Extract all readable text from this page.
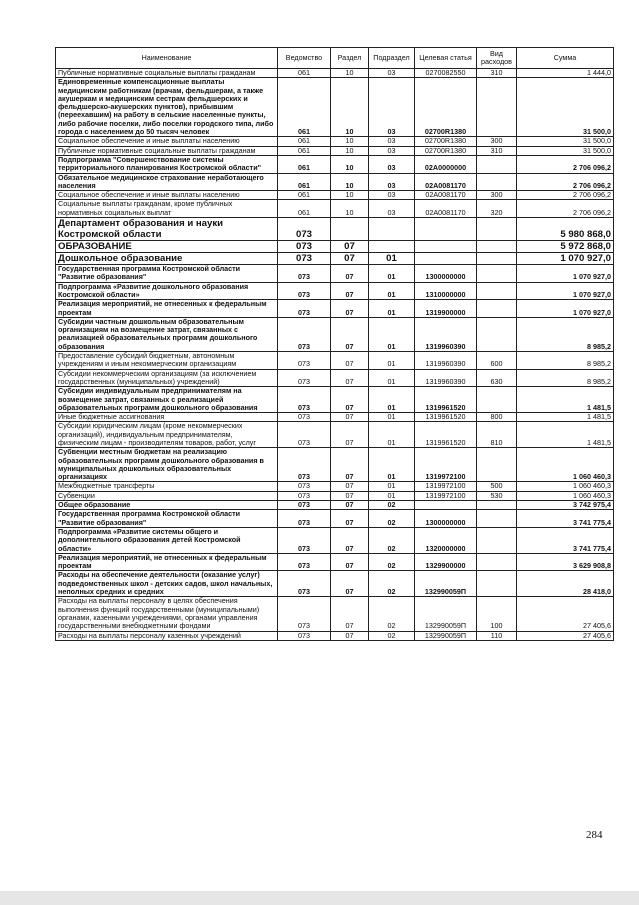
Наименование	Ведомство	Раздел	Подраздел	Целевая статья	Вид расходов	Сумма
Публичные нормативные социальные выплаты гражданам	061	10	03	0270082550	310	1 444,0
Единовременные компенсационные выплаты медицинским работникам (врачам, фельдшерам, а также акушеркам и медицинским сестрам фельдшерских и фельдшерско-акушерских пунктов), прибывшим (переехавшим) на работу в сельские населенные пункты, либо рабочие поселки, либо поселки городского типа, либо города с населением до 50 тысяч человек	061	10	03	02700R1380		31 500,0
Социальное обеспечение и иные выплаты населению	061	10	03	02700R1380	300	31 500,0
Публичные нормативные социальные выплаты гражданам	061	10	03	02700R1380	310	31 500,0
Подпрограмма "Совершенствование системы территориального планирования Костромской области"	061	10	03	02А0000000		2 706 096,2
Обязательное медицинское страхование неработающего населения	061	10	03	02А0081170		2 706 096,2
Социальное обеспечение и иные выплаты населению	061	10	03	02А0081170	300	2 706 096,2
Социальные выплаты гражданам, кроме публичных нормативных социальных выплат	061	10	03	02А0081170	320	2 706 096,2
Департамент образования и науки Костромской области	073					5 980 868,0
ОБРАЗОВАНИЕ	073	07				5 972 868,0
Дошкольное образование	073	07	01			1 070 927,0
Государственная программа Костромской области "Развитие образования"	073	07	01	1300000000		1 070 927,0
Подпрограмма «Развитие дошкольного образования Костромской области»	073	07	01	1310000000		1 070 927,0
Реализация мероприятий, не отнесенных к федеральным проектам	073	07	01	1319900000		1 070 927,0
Субсидии частным дошкольным образовательным организациям на возмещение затрат, связанных с реализацией образовательных программ дошкольного образования	073	07	01	1319960390		8 985,2
Предоставление субсидий бюджетным, автономным учреждениям и иным некоммерческим организациям	073	07	01	1319960390	600	8 985,2
Субсидии некоммерческим организациям (за исключением государственных (муниципальных) учреждений)	073	07	01	1319960390	630	8 985,2
Субсидии индивидуальным предпринимателям на возмещение затрат, связанных с реализацией образовательных программ дошкольного образования	073	07	01	1319961520		1 481,5
Иные бюджетные ассигнования	073	07	01	1319961520	800	1 481,5
Субсидии юридическим лицам (кроме некоммерческих организаций), индивидуальным предпринимателям, физическим лицам - производителям товаров, работ, услуг	073	07	01	1319961520	810	1 481,5
Субвенции местным бюджетам на реализацию образовательных программ дошкольного образования в муниципальных дошкольных образовательных организациях	073	07	01	1319972100		1 060 460,3
Межбюджетные трансферты	073	07	01	1319972100	500	1 060 460,3
Субвенции	073	07	01	1319972100	530	1 060 460,3
Общее образование	073	07	02			3 742 975,4
Государственная программа Костромской области "Развитие образования"	073	07	02	1300000000		3 741 775,4
Подпрограмма «Развитие системы общего и дополнительного образования детей Костромской области»	073	07	02	1320000000		3 741 775,4
Реализация мероприятий, не отнесенных к федеральным проектам	073	07	02	1329900000		3 629 908,8
Расходы на обеспечение деятельности (оказание услуг) подведомственных школ - детских садов, школ начальных, неполных средних и средних	073	07	02	132990059П		28 418,0
Расходы на выплаты персоналу в целях обеспечения выполнения функций государственными (муниципальными) органами, казенными учреждениями, органами управления государственными внебюджетными фондами	073	07	02	132990059П	100	27 405,6
Расходы на выплаты персоналу казенных учреждений	073	07	02	132990059П	110	27 405,6
284
